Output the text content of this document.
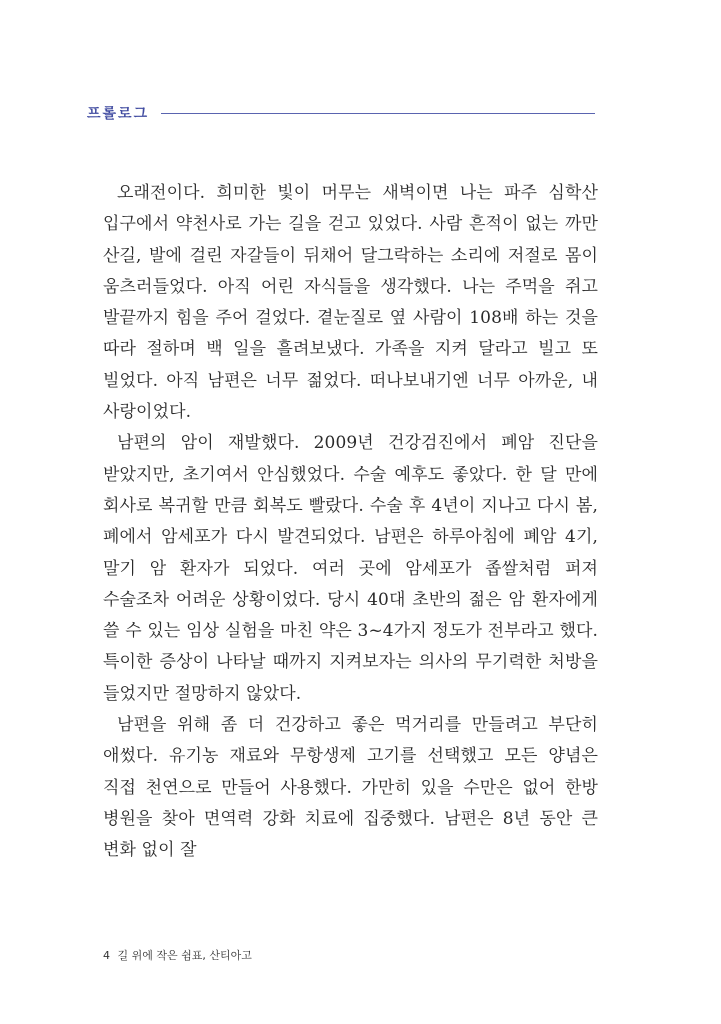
프롤로그

오래전이다. 희미한 빛이 머무는 새벽이면 나는 파주 심학산 입구에서 약천사로 가는 길을 걷고 있었다. 사람 흔적이 없는 까만 산길, 발에 걸린 자갈들이 뒤채어 달그락하는 소리에 저절로 몸이 움츠러들었다. 아직 어린 자식들을 생각했다. 나는 주먹을 쥐고 발끝까지 힘을 주어 걸었다. 곁눈질로 옆 사람이 108배 하는 것을 따라 절하며 백 일을 흘려보냈다. 가족을 지켜 달라고 빌고 또 빌었다. 아직 남편은 너무 젊었다. 떠나보내기엔 너무 아까운, 내 사랑이었다.

남편의 암이 재발했다. 2009년 건강검진에서 폐암 진단을 받았지만, 초기여서 안심했었다. 수술 예후도 좋았다. 한 달 만에 회사로 복귀할 만큼 회복도 빨랐다. 수술 후 4년이 지나고 다시 봄, 폐에서 암세포가 다시 발견되었다. 남편은 하루아침에 폐암 4기, 말기 암 환자가 되었다. 여러 곳에 암세포가 좁쌀처럼 퍼져 수술조차 어려운 상황이었다. 당시 40대 초반의 젊은 암 환자에게 쓸 수 있는 임상 실험을 마친 약은 3~4가지 정도가 전부라고 했다. 특이한 증상이 나타날 때까지 지켜보자는 의사의 무기력한 처방을 들었지만 절망하지 않았다.

남편을 위해 좀 더 건강하고 좋은 먹거리를 만들려고 부단히 애썼다. 유기농 재료와 무항생제 고기를 선택했고 모든 양념은 직접 천연으로 만들어 사용했다. 가만히 있을 수만은 없어 한방 병원을 찾아 면역력 강화 치료에 집중했다. 남편은 8년 동안 큰 변화 없이 잘

4 길 위에 작은 쉼표, 산티아고
